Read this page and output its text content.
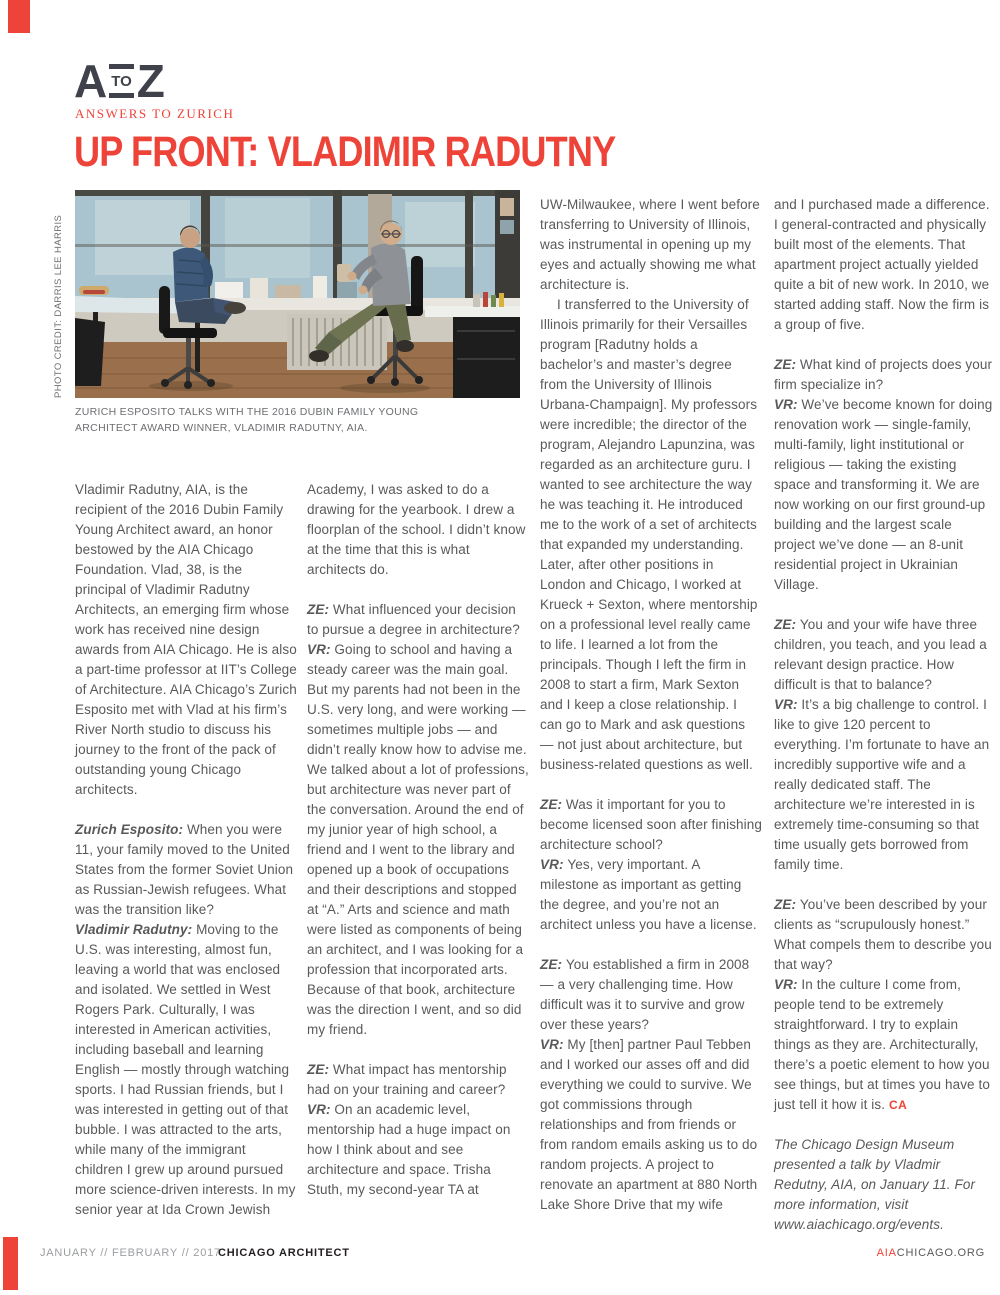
A TO Z
ANSWERS TO ZURICH
UP FRONT: VLADIMIR RADUTNY
PHOTO CREDIT: DARRIS LEE HARRIS
ZURICH ESPOSITO TALKS WITH THE 2016 DUBIN FAMILY YOUNG ARCHITECT AWARD WINNER, VLADIMIR RADUTNY, AIA.

Vladimir Radutny, AIA, is the recipient of the 2016 Dubin Family Young Architect award, an honor bestowed by the AIA Chicago Foundation. Vlad, 38, is the principal of Vladimir Radutny Architects, an emerging firm whose work has received nine design awards from AIA Chicago. He is also a part-time professor at IIT’s College of Architecture. AIA Chicago’s Zurich Esposito met with Vlad at his firm’s River North studio to discuss his journey to the front of the pack of outstanding young Chicago architects.

Zurich Esposito: When you were 11, your family moved to the United States from the former Soviet Union as Russian-Jewish refugees. What was the transition like?

Vladimir Radutny: Moving to the U.S. was interesting, almost fun, leaving a world that was enclosed and isolated. We settled in West Rogers Park. Culturally, I was interested in American activities, including baseball and learning English — mostly through watching sports. I had Russian friends, but I was interested in getting out of that bubble. I was attracted to the arts, while many of the immigrant children I grew up around pursued more science-driven interests. In my senior year at Ida Crown Jewish

Academy, I was asked to do a drawing for the yearbook. I drew a floorplan of the school. I didn’t know at the time that this is what architects do.

ZE: What influenced your decision to pursue a degree in architecture?

VR: Going to school and having a steady career was the main goal. But my parents had not been in the U.S. very long, and were working — sometimes multiple jobs — and didn’t really know how to advise me. We talked about a lot of professions, but architecture was never part of the conversation. Around the end of my junior year of high school, a friend and I went to the library and opened up a book of occupations and their descriptions and stopped at “A.” Arts and science and math were listed as components of being an architect, and I was looking for a profession that incorporated arts. Because of that book, architecture was the direction I went, and so did my friend.

ZE: What impact has mentorship had on your training and career?

VR: On an academic level, mentorship had a huge impact on how I think about and see architecture and space. Trisha Stuth, my second-year TA at

UW-Milwaukee, where I went before transferring to University of Illinois, was instrumental in opening up my eyes and actually showing me what architecture is.

I transferred to the University of Illinois primarily for their Versailles program [Radutny holds a bachelor’s and master’s degree from the University of Illinois Urbana-Champaign]. My professors were incredible; the director of the program, Alejandro Lapunzina, was regarded as an architecture guru. I wanted to see architecture the way he was teaching it. He introduced me to the work of a set of architects that expanded my understanding. Later, after other positions in London and Chicago, I worked at Krueck + Sexton, where mentorship on a professional level really came to life. I learned a lot from the principals. Though I left the firm in 2008 to start a firm, Mark Sexton and I keep a close relationship. I can go to Mark and ask questions — not just about architecture, but business-related questions as well.

ZE: Was it important for you to become licensed soon after finishing architecture school?

VR: Yes, very important. A milestone as important as getting the degree, and you’re not an architect unless you have a license.

ZE: You established a firm in 2008 — a very challenging time. How difficult was it to survive and grow over these years?

VR: My [then] partner Paul Tebben and I worked our asses off and did everything we could to survive. We got commissions through relationships and from friends or from random emails asking us to do random projects. A project to renovate an apartment at 880 North Lake Shore Drive that my wife

and I purchased made a difference. I general-contracted and physically built most of the elements. That apartment project actually yielded quite a bit of new work. In 2010, we started adding staff. Now the firm is a group of five.

ZE: What kind of projects does your firm specialize in?

VR: We’ve become known for doing renovation work — single-family, multi-family, light institutional or religious — taking the existing space and transforming it. We are now working on our first ground-up building and the largest scale project we’ve done — an 8-unit residential project in Ukrainian Village.

ZE: You and your wife have three children, you teach, and you lead a relevant design practice. How difficult is that to balance?

VR: It’s a big challenge to control. I like to give 120 percent to everything. I’m fortunate to have an incredibly supportive wife and a really dedicated staff. The architecture we’re interested in is extremely time-consuming so that time usually gets borrowed from family time.

ZE: You’ve been described by your clients as “scrupulously honest.” What compels them to describe you that way?

VR: In the culture I come from, people tend to be extremely straightforward. I try to explain things as they are. Architecturally, there’s a poetic element to how you see things, but at times you have to just tell it how it is. CA

The Chicago Design Museum presented a talk by Vladmir Redutny, AIA, on January 11. For more information, visit www.aiachicago.org/events.

JANUARY // FEBRUARY // 2017
CHICAGO ARCHITECT	AIACHICAGO.ORG
